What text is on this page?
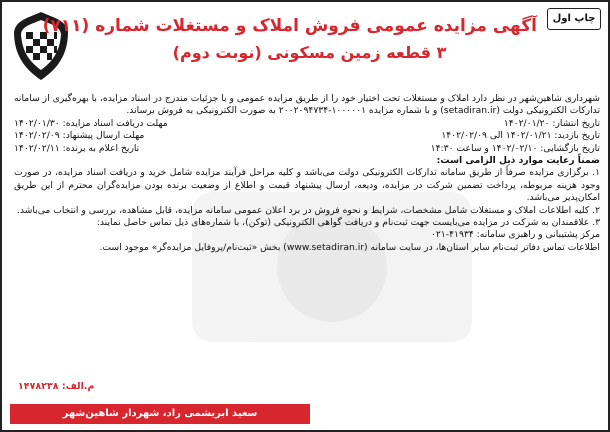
چاپ اول
آگهی مزایده عمومی فروش املاک و مستغلات شماره (۷۱۱)
۳ قطعه زمین مسکونی (نوبت دوم)

شهرداری شاهین‌شهر در نظر دارد املاک و مستغلات تحت اختیار خود را از طریق مزایده عمومی و با جزئیات مندرج در اسناد مزایده، با بهره‌گیری از سامانه تدارکات الکترونیکی دولت (setadiran.ir) و با شماره مزایده ۱۰۰۰۰۰۱-۲۰۰۲۰۹۴۷۳۴ به صورت الکترونیکی به فروش برساند.

تاریخ انتشار: ۱۴۰۲/۰۱/۲۰
مهلت دریافت اسناد مزایده: ۱۴۰۲/۰۱/۳۰
تاریخ بازدید: ۱۴۰۲/۰۱/۲۱ الی ۱۴۰۲/۰۲/۰۹
مهلت ارسال پیشنهاد: ۱۴۰۲/۰۲/۰۹
تاریخ بازگشایی: ۱۴۰۲/۰۲/۱۰ و ساعت ۱۴:۳۰
تاریخ اعلام به برنده: ۱۴۰۲/۰۲/۱۱

ضمناً رعایت موارد ذیل الزامی است:

۱. برگزاری مزایده صرفاً از طریق سامانه تدارکات الکترونیکی دولت می‌باشد و کلیه مراحل فرآیند مزایده شامل خرید و دریافت اسناد مزایده، در صورت وجود هزینه مربوطه، پرداخت تضمین شرکت در مزایده، ودیعه، ارسال پیشنهاد قیمت و اطلاع از وضعیت برنده بودن مزایده‌گران محترم از این طریق امکان‌پذیر می‌باشد.

۲. کلیه اطلاعات املاک و مستغلات شامل مشخصات، شرایط و نحوه فروش در برد اعلان عمومی سامانه مزایده، قابل مشاهده، بررسی و انتخاب می‌باشد.

۳. علاقمندان به شرکت در مزایده می‌بایست جهت ثبت‌نام و دریافت گواهی الکترونیکی (توکن)، با شماره‌های ذیل تماس حاصل نمایند:

مرکز پشتیبانی و راهبری سامانه: ۴۱۹۳۴-۰۲۱

اطلاعات تماس دفاتر ثبت‌نام سایر استان‌ها، در سایت سامانه (www.setadiran.ir) بخش «ثبت‌نام/پروفایل مزایده‌گر» موجود است.

م.الف: ۱۴۷۸۲۳۸
سعید ابریشمی راد، شهردار شاهین‌شهر
